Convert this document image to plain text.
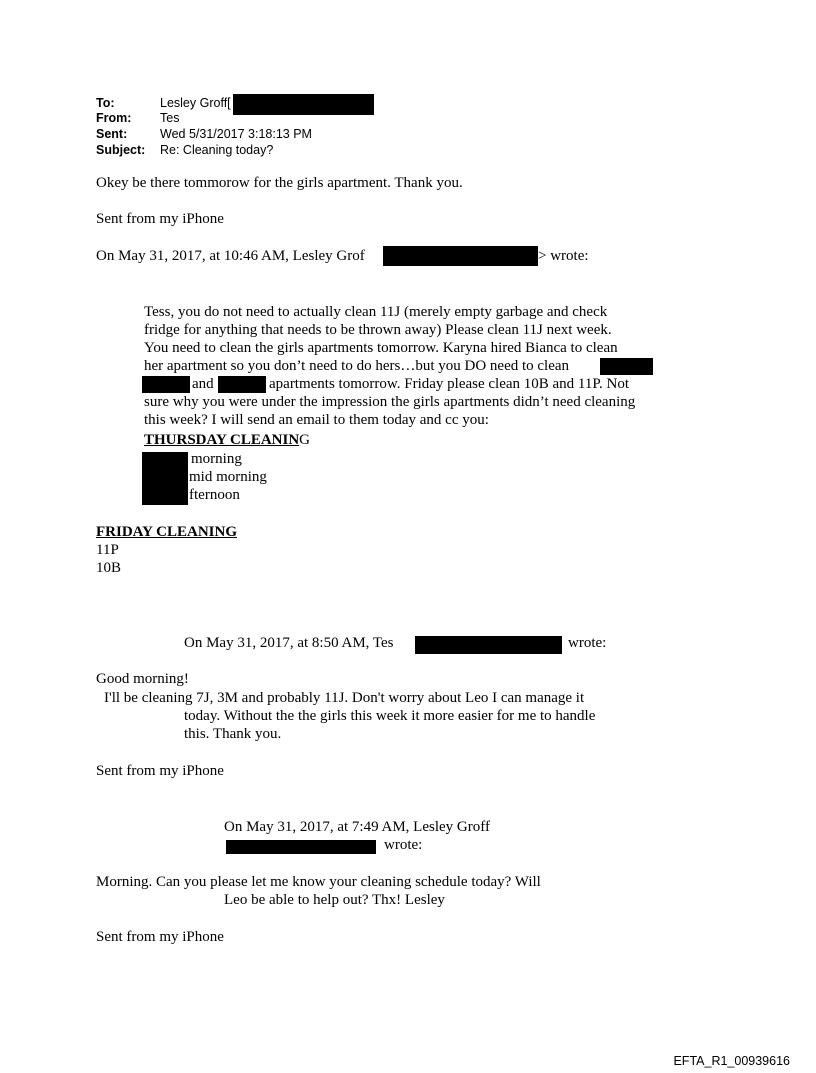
To:	Lesley Groff[
From: Tes
Sent:	Wed 5/31/2017 3:18:13 PM
Subject: Re: Cleaning today?
Okey be there tommorow for the girls apartment. Thank you.
Sent from my iPhone
On May 31, 2017, at 10:46 AM, Lesley Grof	> wrote:
Tess, you do not need to actually clean 11J (merely empty garbage and check
fridge for anything that needs to be thrown away) Please clean 11J next week.
You need to clean the girls apartments tomorrow. Karyna hired Bianca to clean
her apartment so you don’t need to do hers…but you DO need to clean
and	apartments tomorrow. Friday please clean 10B and 11P. Not
sure why you were under the impression the girls apartments didn’t need cleaning
this week? I will send an email to them today and cc you:
THURSDAY CLEANING
morning
mid morning
fternoon
FRIDAY CLEANING
11P
10B
On May 31, 2017, at 8:50 AM, Tes	wrote:
Good morning!
I'll be cleaning 7J, 3M and probably 11J. Don't worry about Leo I can manage it
today. Without the the girls this week it more easier for me to handle
this. Thank you.
Sent from my iPhone
On May 31, 2017, at 7:49 AM, Lesley Groff
wrote:
Morning. Can you please let me know your cleaning schedule today? Will
Leo be able to help out? Thx! Lesley
Sent from my iPhone
EFTA_R1_00939616
